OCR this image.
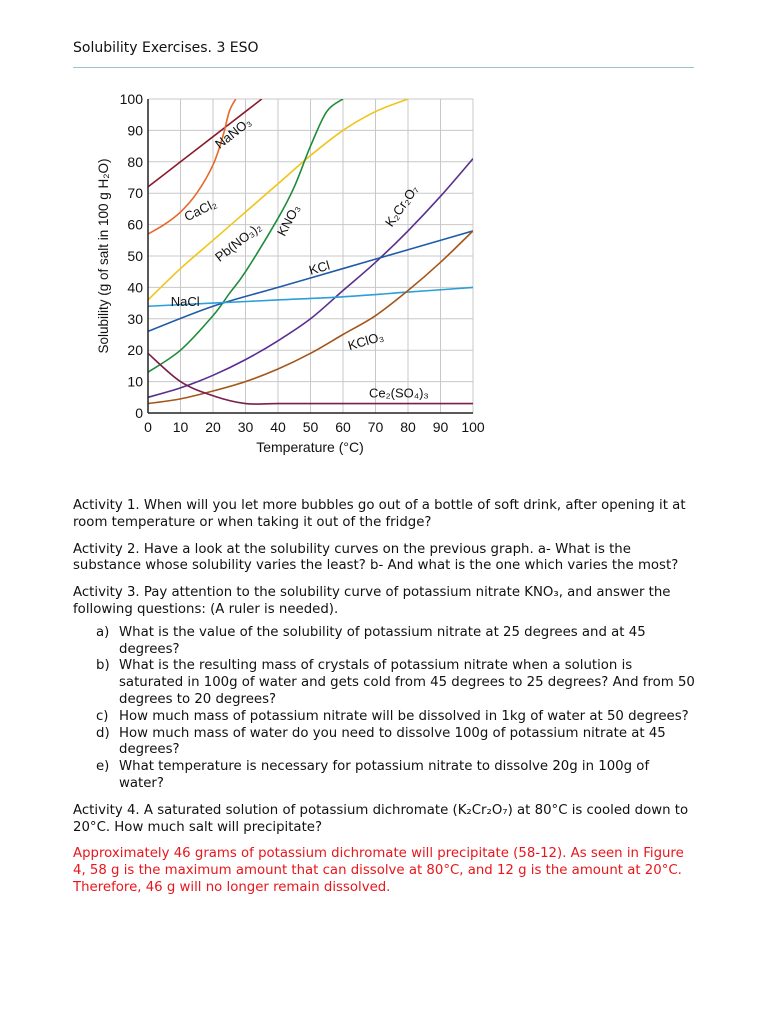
Solubility Exercises. 3 ESO
0 10 20 30 40 50 60 70 80 90 100
0
10
20
30
40
50
60
70
80
90
100
NaNO₃
CaCl₂
Pb(NO₃)₂ KNO₃	K₂Cr₂O₇
KCl
NaCl
KClO₃
Ce₂(SO₄)₃
Temperature (°C)
Solubility (g of salt in 100 g H₂O)

Activity 1. When will you let more bubbles go out of a bottle of soft drink, after opening it at room temperature or when taking it out of the fridge?

Activity 2. Have a look at the solubility curves on the previous graph. a- What is the substance whose solubility varies the least? b- And what is the one which varies the most?

Activity 3. Pay attention to the solubility curve of potassium nitrate KNO₃, and answer the following questions: (A ruler is needed).

a) What is the value of the solubility of potassium nitrate at 25 degrees and at 45 degrees?
b) What is the resulting mass of crystals of potassium nitrate when a solution is saturated in 100g of water and gets cold from 45 degrees to 25 degrees? And from 50 degrees to 20 degrees?
c) How much mass of potassium nitrate will be dissolved in 1kg of water at 50 degrees?
d) How much mass of water do you need to dissolve 100g of potassium nitrate at 45 degrees?
e) What temperature is necessary for potassium nitrate to dissolve 20g in 100g of water?

Activity 4. A saturated solution of potassium dichromate (K₂Cr₂O₇) at 80°C is cooled down to 20°C. How much salt will precipitate?

Approximately 46 grams of potassium dichromate will precipitate (58-12). As seen in Figure 4, 58 g is the maximum amount that can dissolve at 80°C, and 12 g is the amount at 20°C. Therefore, 46 g will no longer remain dissolved.
